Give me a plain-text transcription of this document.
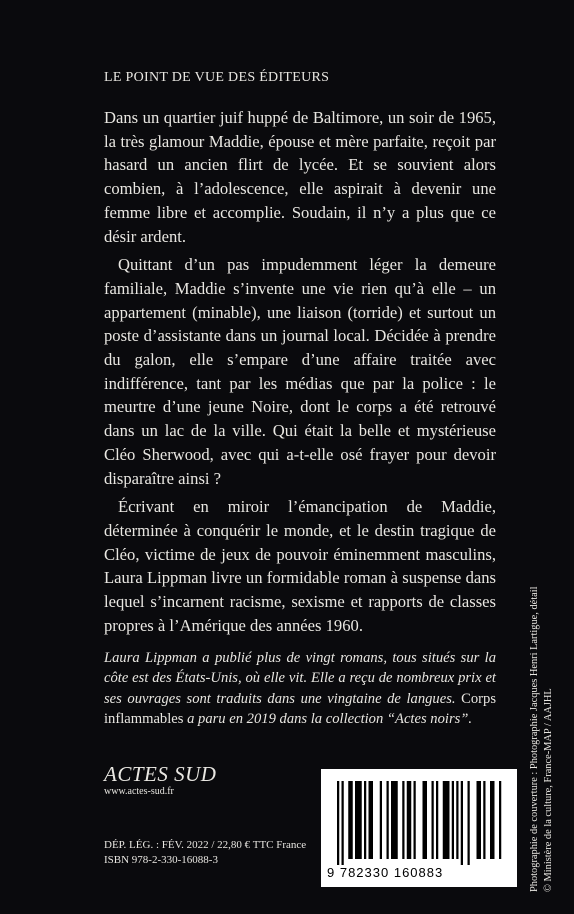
LE POINT DE VUE DES ÉDITEURS

Dans un quartier juif huppé de Baltimore, un soir de 1965, la très glamour Maddie, épouse et mère parfaite, reçoit par hasard un ancien flirt de lycée. Et se souvient alors combien, à l’adolescence, elle aspirait à devenir une femme libre et accomplie. Soudain, il n’y a plus que ce désir ardent.

Quittant d’un pas impudemment léger la demeure familiale, Maddie s’invente une vie rien qu’à elle – un appartement (minable), une liaison (torride) et surtout un poste d’assistante dans un journal local. Décidée à prendre du galon, elle s’empare d’une affaire traitée avec indifférence, tant par les médias que par la police : le meurtre d’une jeune Noire, dont le corps a été retrouvé dans un lac de la ville. Qui était la belle et mystérieuse Cléo Sherwood, avec qui a-t-elle osé frayer pour devoir disparaître ainsi ?

Écrivant en miroir l’émancipation de Maddie, déterminée à conquérir le monde, et le destin tragique de Cléo, victime de jeux de pouvoir éminemment masculins, Laura Lippman livre un formidable roman à suspense dans lequel s’incarnent racisme, sexisme et rapports de classes propres à l’Amérique des années 1960.

Laura Lippman a publié plus de vingt romans, tous situés sur la côte est des États-Unis, où elle vit. Elle a reçu de nombreux prix et ses ouvrages sont traduits dans une vingtaine de langues. Corps inflammables a paru en 2019 dans la collection “Actes noirs”.
ACTES SUD
www.actes-sud.fr
DÉP. LÉG. : FÉV. 2022 / 22,80 € TTC France
ISBN 978-2-330-16088-3
9 782330 160883	Photographie de couverture : Photographie Jacques Henri Lartigue, détail © Ministère de la culture, France-MAP / AAJHL
